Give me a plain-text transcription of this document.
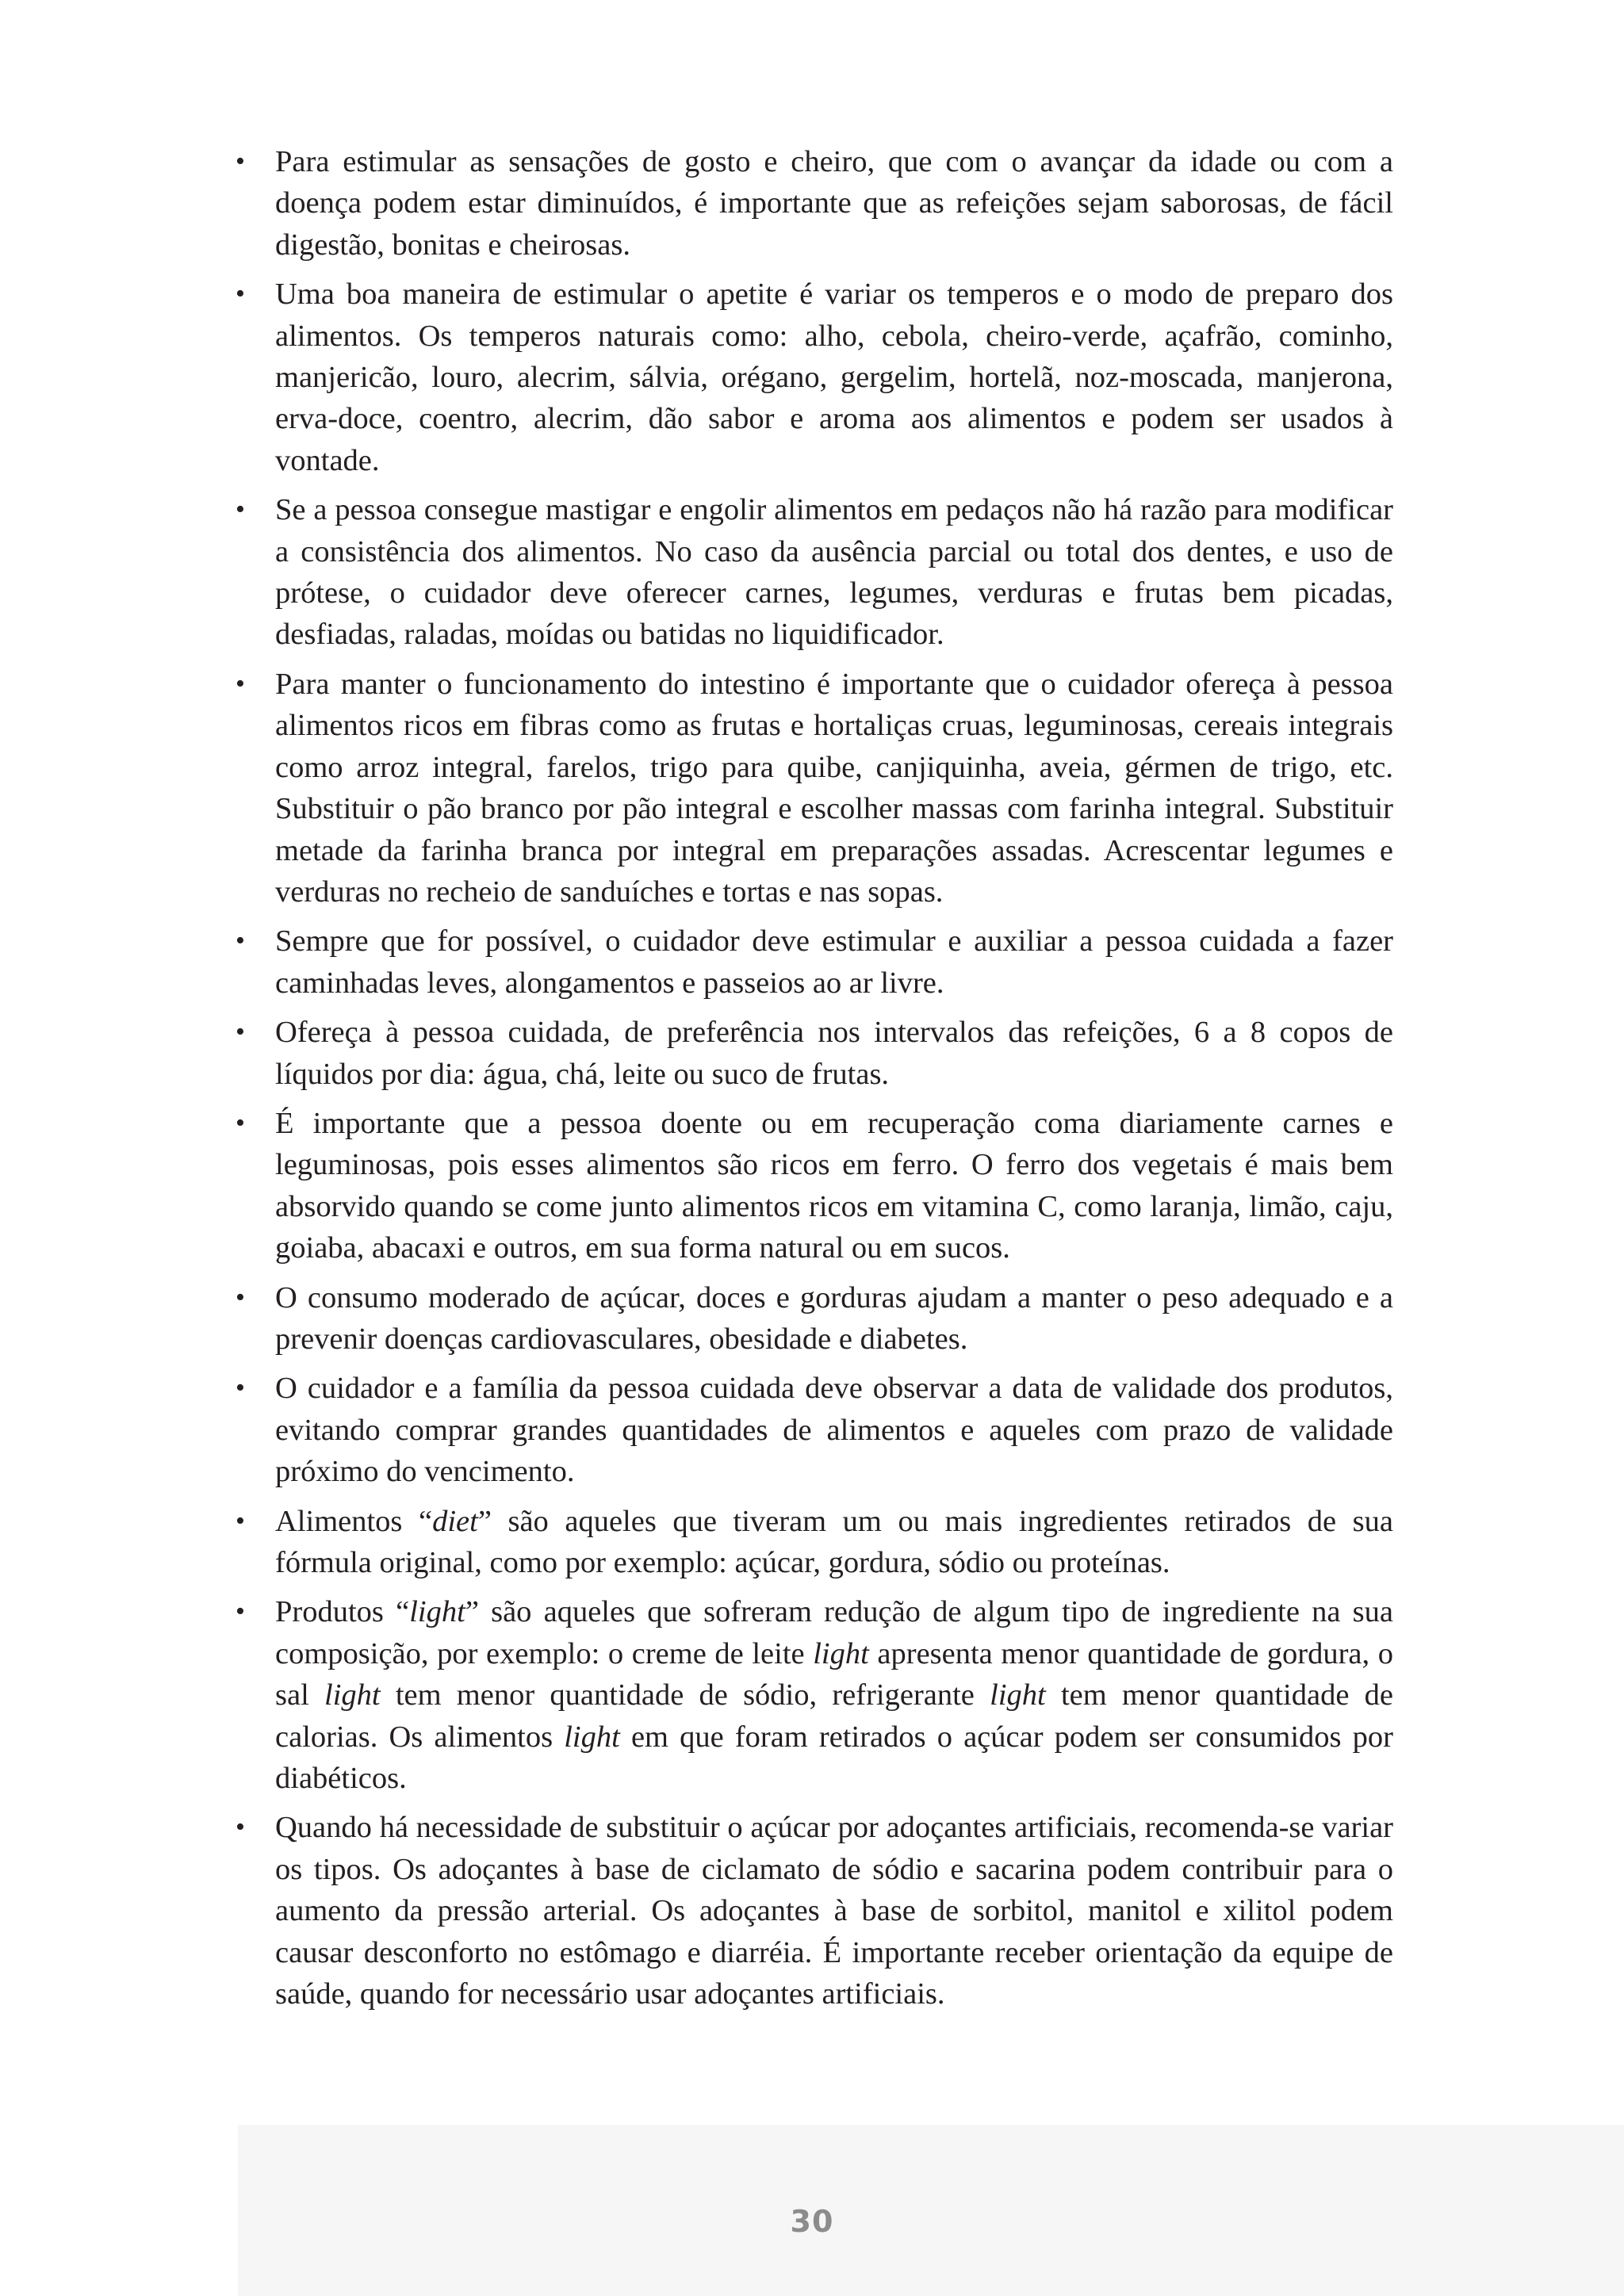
• Para estimular as sensações de gosto e cheiro, que com o avançar da idade ou com a doença podem estar diminuídos, é importante que as refeições sejam saborosas, de fácil digestão, bonitas e cheirosas.
• Uma boa maneira de estimular o apetite é variar os temperos e o modo de preparo dos alimentos. Os temperos naturais como: alho, cebola, cheiro-verde, açafrão, cominho, manjericão, louro, alecrim, sálvia, orégano, gergelim, hortelã, noz-moscada, manjerona, erva-doce, coentro, alecrim, dão sabor e aroma aos alimentos e podem ser usados à vontade.
• Se a pessoa consegue mastigar e engolir alimentos em pedaços não há razão para modificar a consistência dos alimentos. No caso da ausência parcial ou total dos dentes, e uso de prótese, o cuidador deve oferecer carnes, legumes, verduras e frutas bem picadas, desfiadas, raladas, moídas ou batidas no liquidificador.
• Para manter o funcionamento do intestino é importante que o cuidador ofereça à pessoa alimentos ricos em fibras como as frutas e hortaliças cruas, leguminosas, cereais integrais como arroz integral, farelos, trigo para quibe, canjiquinha, aveia, gérmen de trigo, etc. Substituir o pão branco por pão integral e escolher massas com farinha integral. Substituir metade da farinha branca por integral em preparações assadas. Acrescentar legumes e verduras no recheio de sanduíches e tortas e nas sopas.
• Sempre que for possível, o cuidador deve estimular e auxiliar a pessoa cuidada a fazer caminhadas leves, alongamentos e passeios ao ar livre.
• Ofereça à pessoa cuidada, de preferência nos intervalos das refeições, 6 a 8 copos de líquidos por dia: água, chá, leite ou suco de frutas.
• É importante que a pessoa doente ou em recuperação coma diariamente carnes e leguminosas, pois esses alimentos são ricos em ferro. O ferro dos vegetais é mais bem absorvido quando se come junto alimentos ricos em vitamina C, como laranja, limão, caju, goiaba, abacaxi e outros, em sua forma natural ou em sucos.
• O consumo moderado de açúcar, doces e gorduras ajudam a manter o peso adequado e a prevenir doenças cardiovasculares, obesidade e diabetes.
• O cuidador e a família da pessoa cuidada deve observar a data de validade dos produtos, evitando comprar grandes quantidades de alimentos e aqueles com prazo de validade próximo do vencimento.
• Alimentos “diet” são aqueles que tiveram um ou mais ingredientes retirados de sua fórmula original, como por exemplo: açúcar, gordura, sódio ou proteínas.
• Produtos “light” são aqueles que sofreram redução de algum tipo de ingrediente na sua composição, por exemplo: o creme de leite light apresenta menor quantidade de gordura, o sal light tem menor quantidade de sódio, refrigerante light tem menor quantidade de calorias. Os alimentos light em que foram retirados o açúcar podem ser consumidos por diabéticos.
• Quando há necessidade de substituir o açúcar por adoçantes artificiais, recomenda-se variar os tipos. Os adoçantes à base de ciclamato de sódio e sacarina podem contribuir para o aumento da pressão arterial. Os adoçantes à base de sorbitol, manitol e xilitol podem causar desconforto no estômago e diarréia. É importante receber orientação da equipe de saúde, quando for necessário usar adoçantes artificiais.
30
